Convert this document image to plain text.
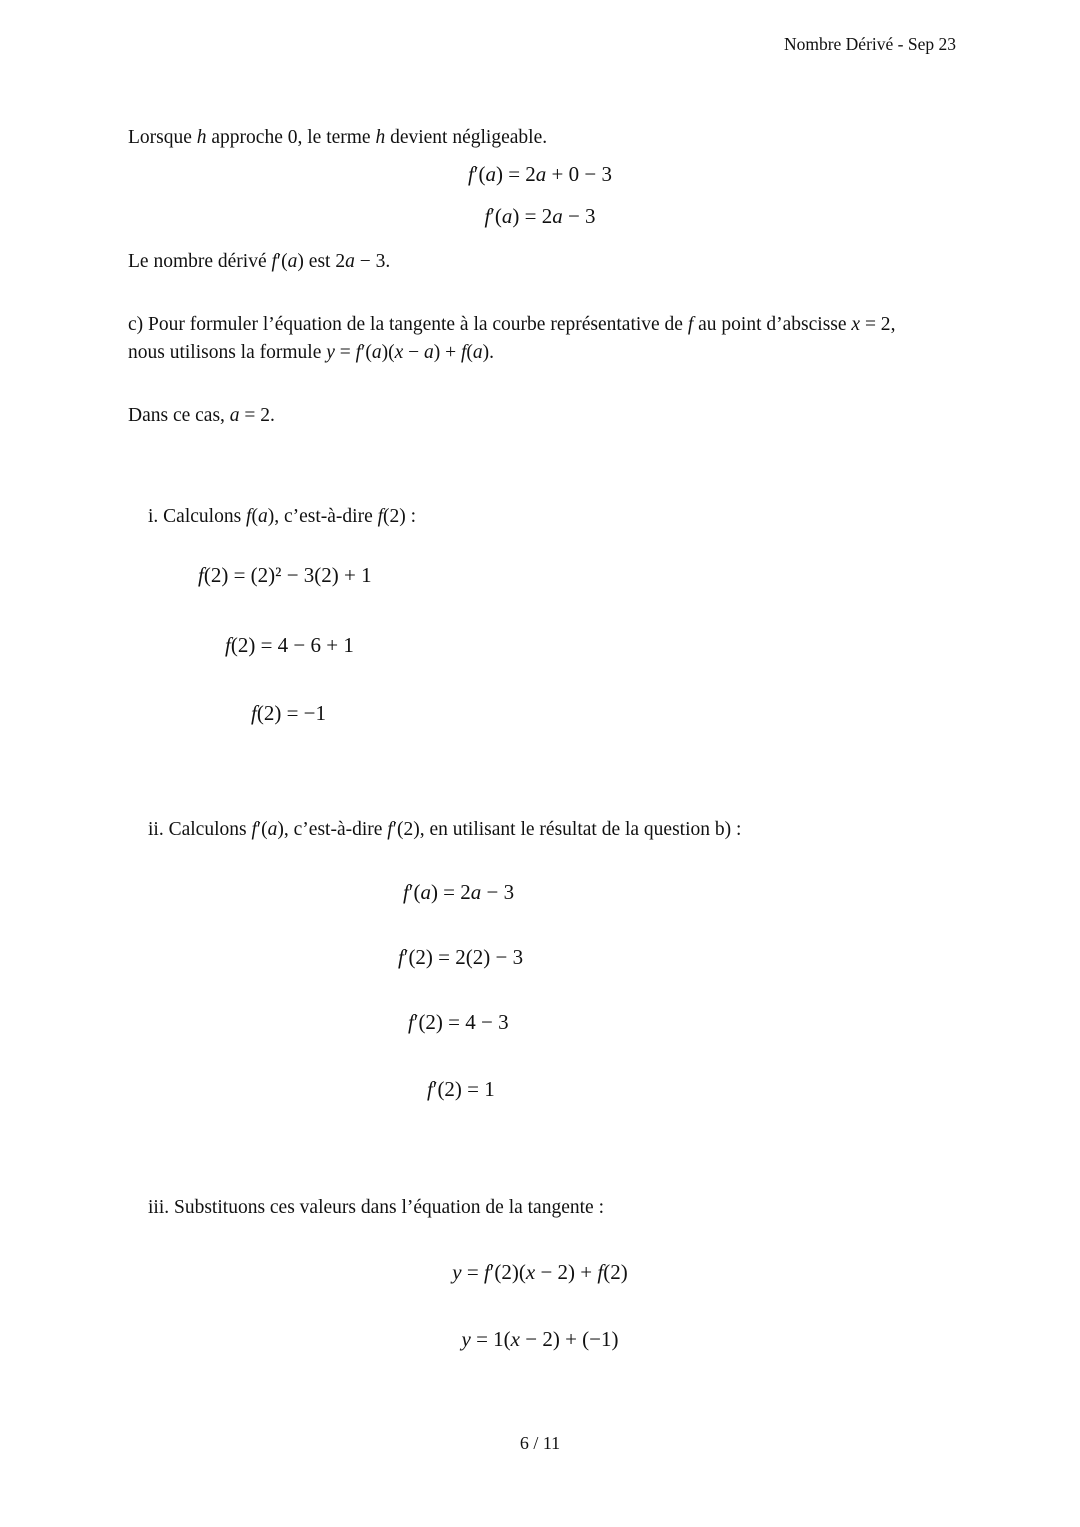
Nombre Dérivé - Sep 23
Lorsque h approche 0, le terme h devient négligeable.
f′(a) = 2a + 0 − 3
f′(a) = 2a − 3
Le nombre dérivé f′(a) est 2a − 3.
c) Pour formuler l’équation de la tangente à la courbe représentative de f au point d’abscisse x = 2,
nous utilisons la formule y = f′(a)(x − a) + f(a).
Dans ce cas, a = 2.
i. Calculons f(a), c’est-à-dire f(2) :
f(2) = (2)² − 3(2) + 1
f(2) = 4 − 6 + 1
f(2) = −1
ii. Calculons f′(a), c’est-à-dire f′(2), en utilisant le résultat de la question b) :
f′(a) = 2a − 3
f′(2) = 2(2) − 3
f′(2) = 4 − 3
f′(2) = 1
iii. Substituons ces valeurs dans l’équation de la tangente :
y = f′(2)(x − 2) + f(2)
y = 1(x − 2) + (−1)
6 / 11
